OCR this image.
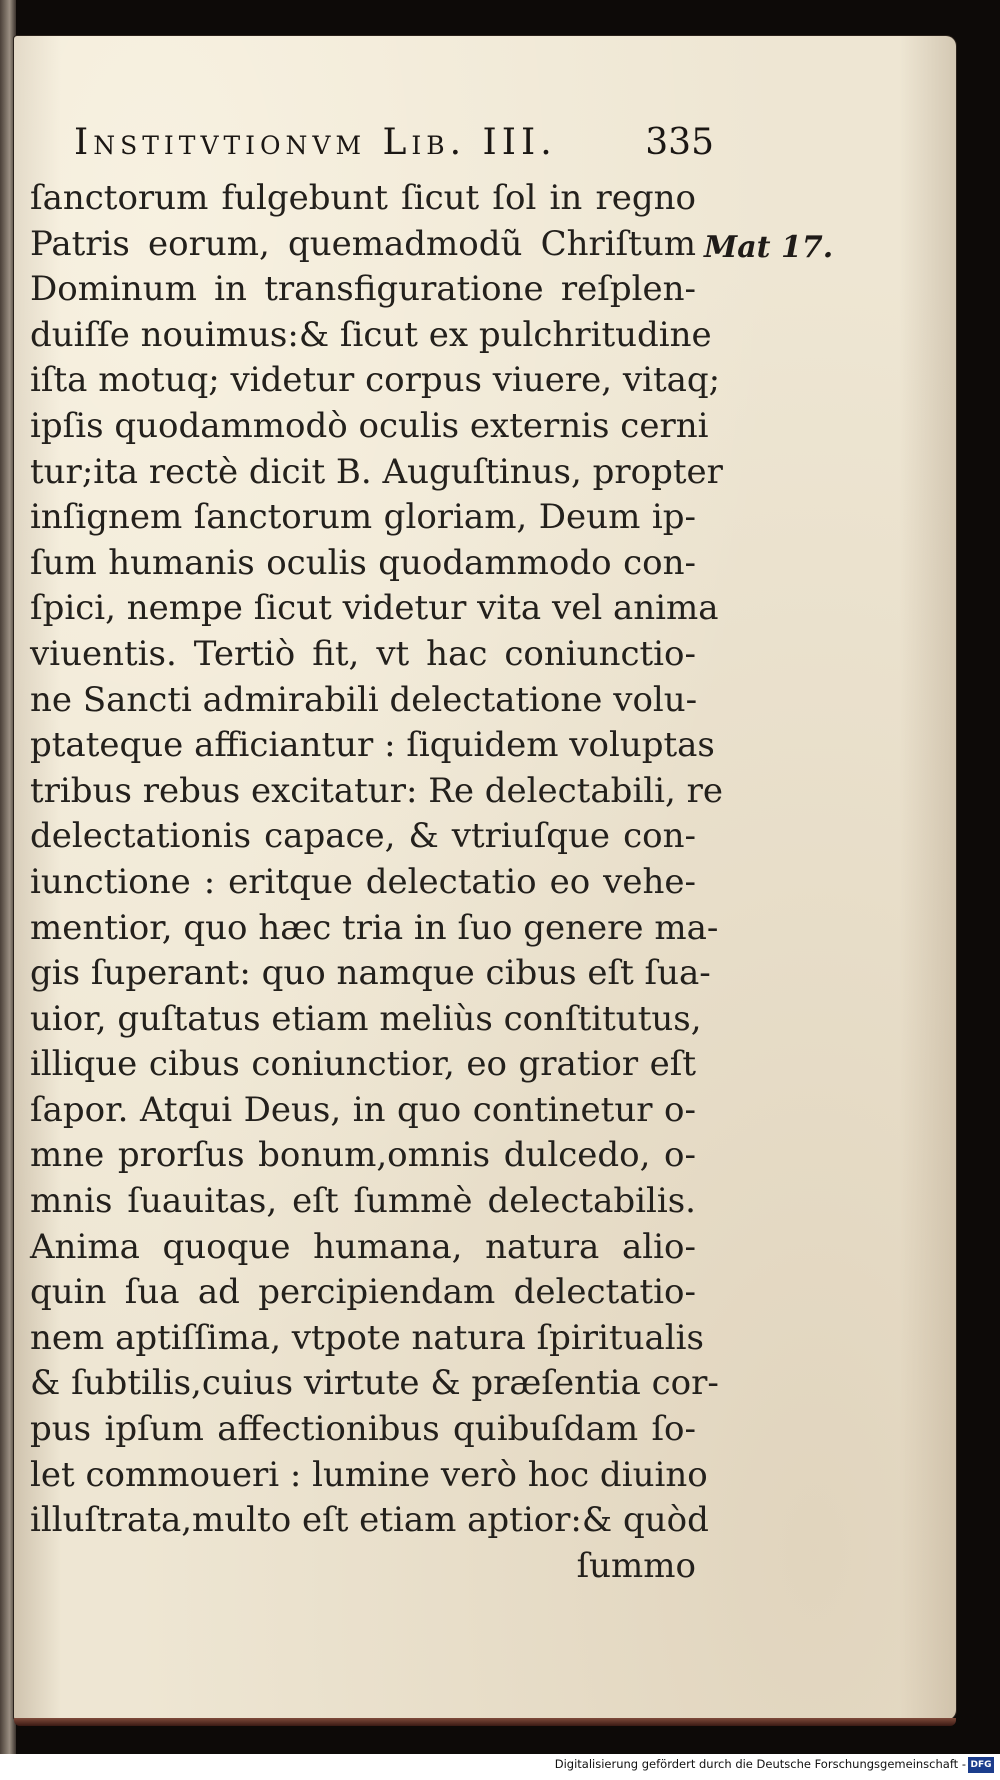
Institvtionvm Lib. III. 335
Mat 17.
ſanctorum fulgebunt ſicut ſol in regno
Patris eorum, quemadmodũ Chriſtum
Dominum in transfiguratione reſplen-
duiſſe nouimus:& ſicut ex pulchritudine
iſta motuq; videtur corpus viuere, vitaq;
ipſis quodammodò oculis externis cerni
tur;ita rectè dicit B. Auguſtinus, propter
inſignem ſanctorum gloriam, Deum ip-
ſum humanis oculis quodammodo con-
ſpici, nempe ſicut videtur vita vel anima
viuentis. Tertiò fit, vt hac coniunctio-
ne Sancti admirabili delectatione volu-
ptateque afficiantur : ſiquidem voluptas
tribus rebus excitatur: Re delectabili, re
delectationis capace, & vtriuſque con-
iunctione : eritque delectatio eo vehe-
mentior, quo hæc tria in ſuo genere ma-
gis ſuperant: quo namque cibus eſt ſua-
uior, guſtatus etiam meliùs conſtitutus,
illique cibus coniunctior, eo gratior eſt
ſapor. Atqui Deus, in quo continetur o-
mne prorſus bonum,omnis dulcedo, o-
mnis ſuauitas, eſt ſummè delectabilis.
Anima quoque humana, natura alio-
quin ſua ad percipiendam delectatio-
nem aptiſſima, vtpote natura ſpiritualis
& ſubtilis,cuius virtute & præſentia cor-
pus ipſum affectionibus quibuſdam ſo-
let commoueri : lumine verò hoc diuino
illuſtrata,multo eſt etiam aptior:& quòd
ſummo
Digitalisierung gefördert durch die Deutsche Forschungsgemeinschaft - DFG
